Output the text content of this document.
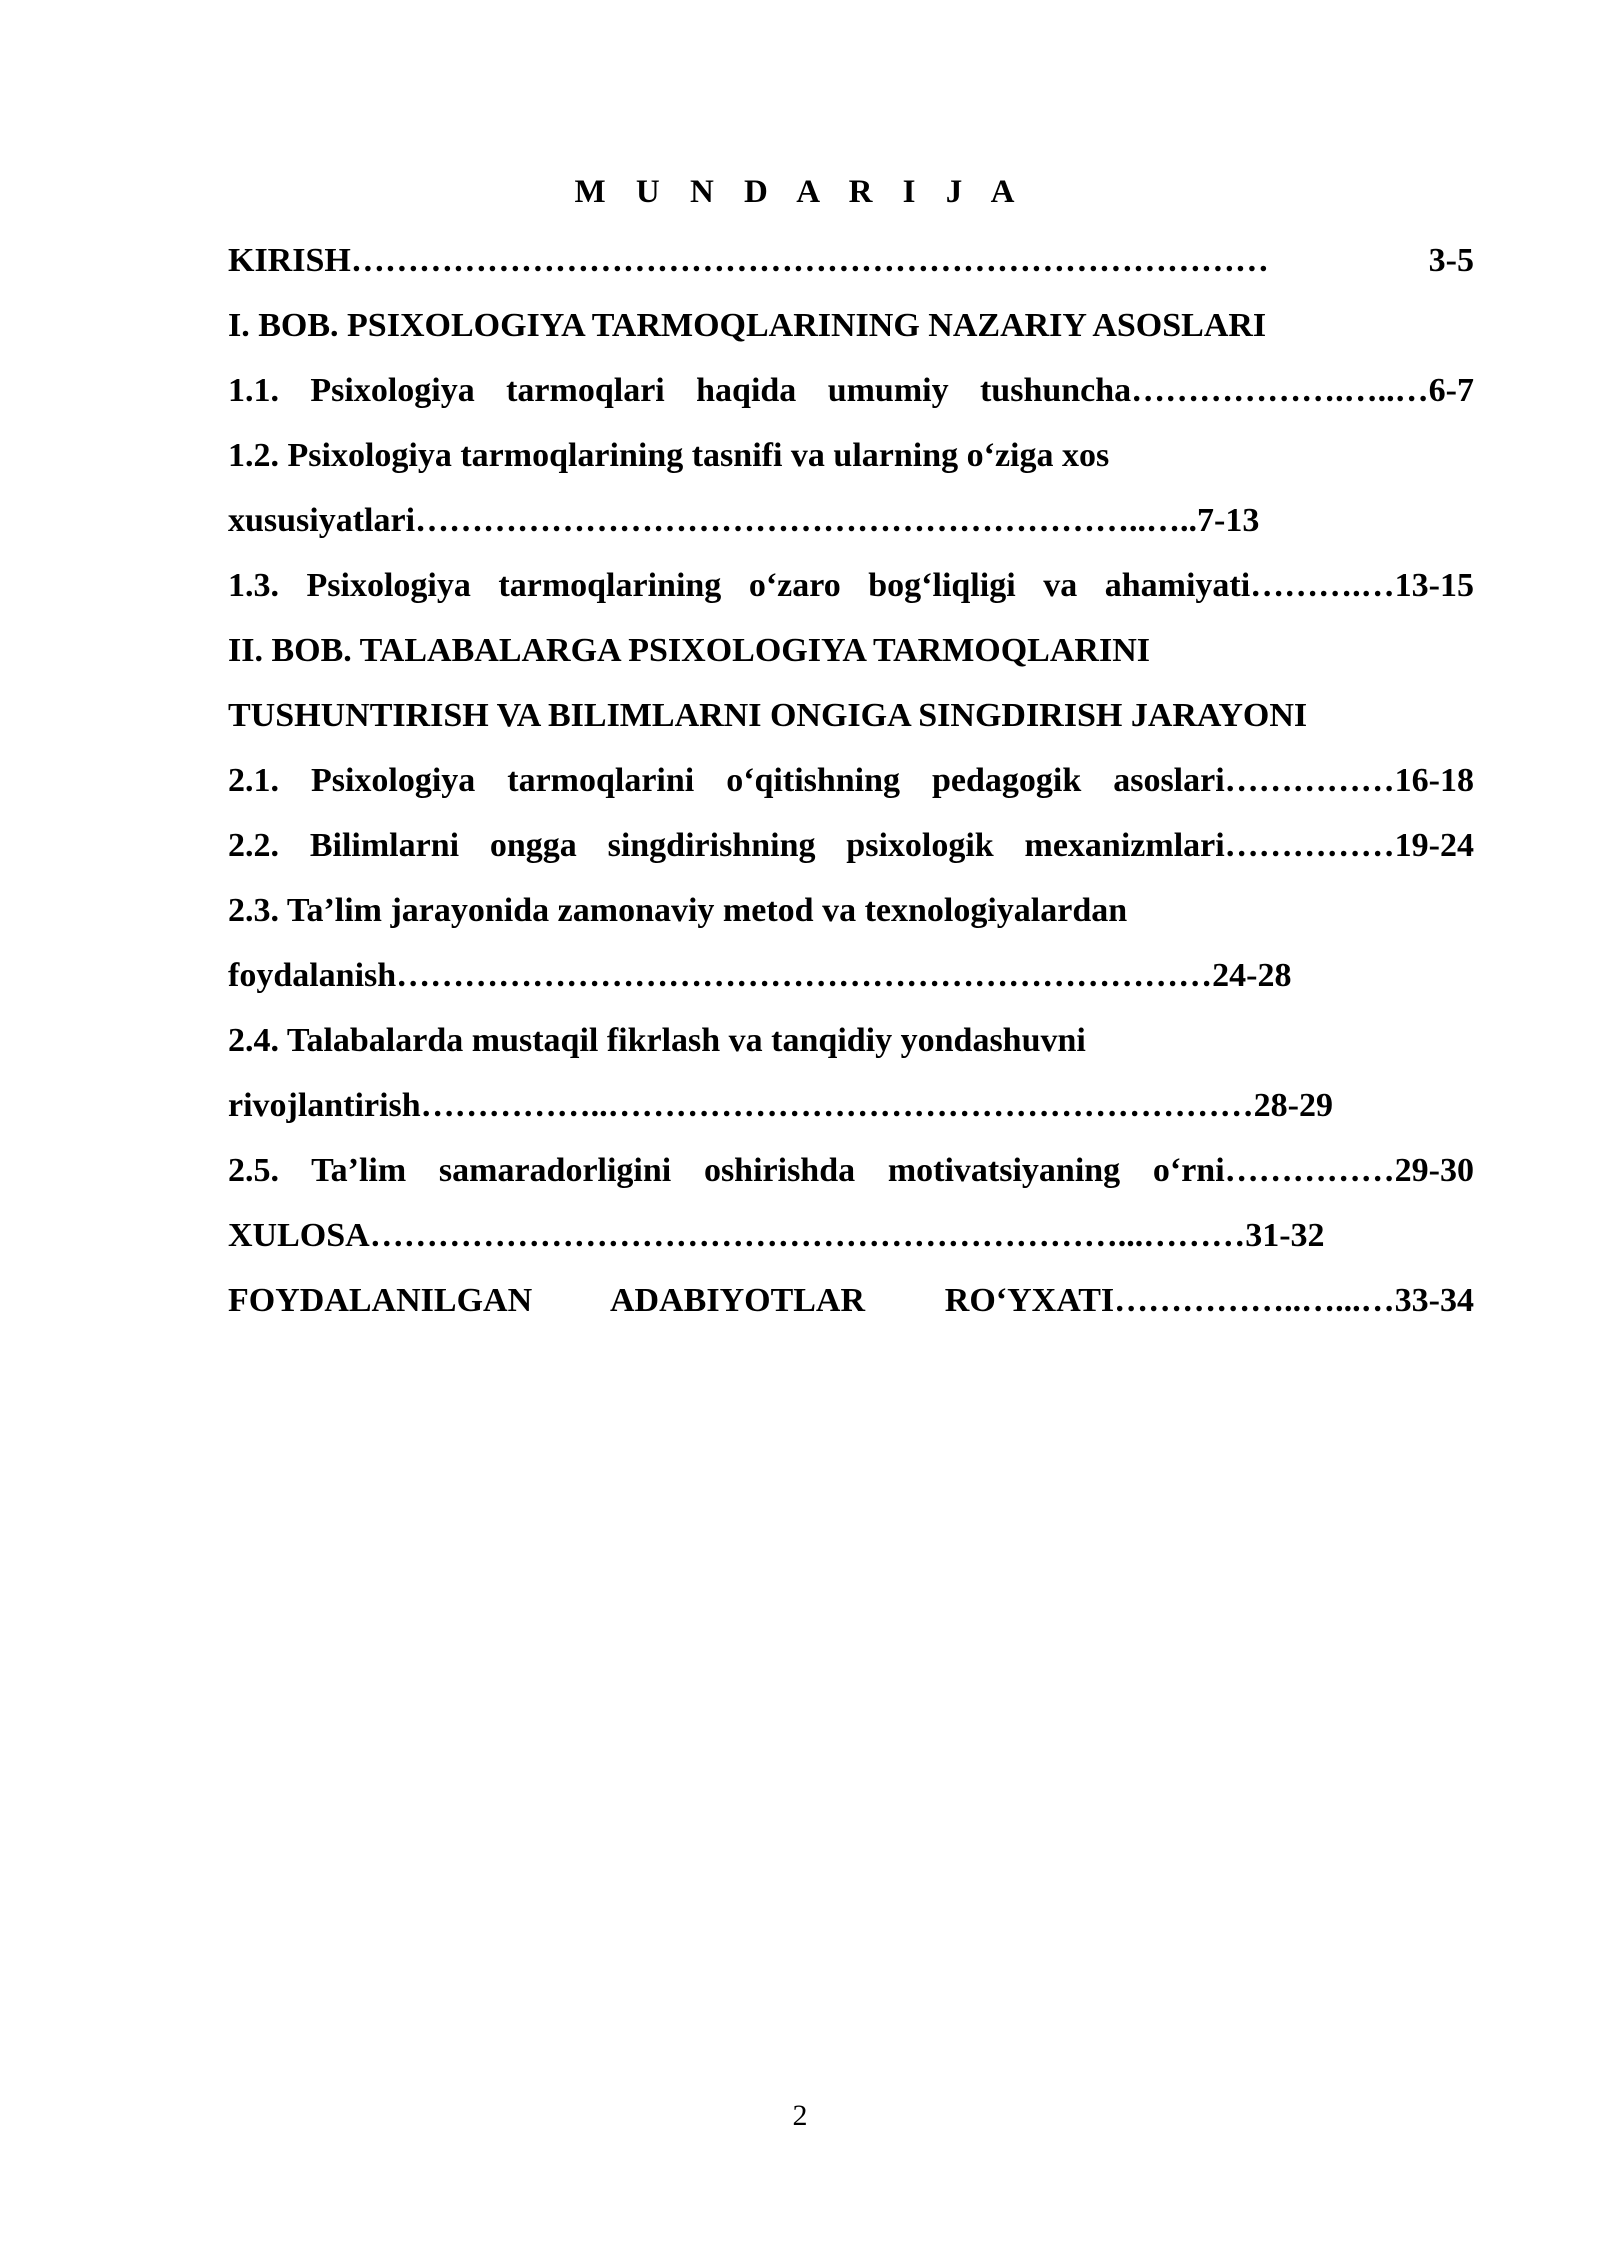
M U N D A R I J A
KIRISH……………………………………………………………………… 3-5
I. BOB. PSIXOLOGIYA TARMOQLARINING NAZARIY ASOSLARI
1.1. Psixologiya tarmoqlari haqida umumiy tushuncha……………….…..…6-7
1.2. Psixologiya tarmoqlarining tasnifi va ularning o‘ziga xos
xususiyatlari………………………………………………………..…..7-13
1.3. Psixologiya tarmoqlarining o‘zaro bog‘liqligi va ahamiyati……….…13-15
II. BOB. TALABALARGA PSIXOLOGIYA TARMOQLARINI
TUSHUNTIRISH VA BILIMLARNI ONGIGA SINGDIRISH JARAYONI
2.1. Psixologiya tarmoqlarini o‘qitishning pedagogik asoslari……………16-18
2.2. Bilimlarni ongga singdirishning psixologik mexanizmlari……………19-24
2.3. Ta’lim jarayonida zamonaviy metod va texnologiyalardan
foydalanish………………………………………………………………24-28
2.4. Talabalarda mustaqil fikrlash va tanqidiy yondashuvni
rivojlantirish……………..…………………………………………………28-29
2.5. Ta’lim samaradorligini oshirishda motivatsiyaning o‘rni……………29-30
XULOSA…………………………………………………………...………31-32
FOYDALANILGAN ADABIYOTLAR RO‘YXATI……………..…...…33-34
2
